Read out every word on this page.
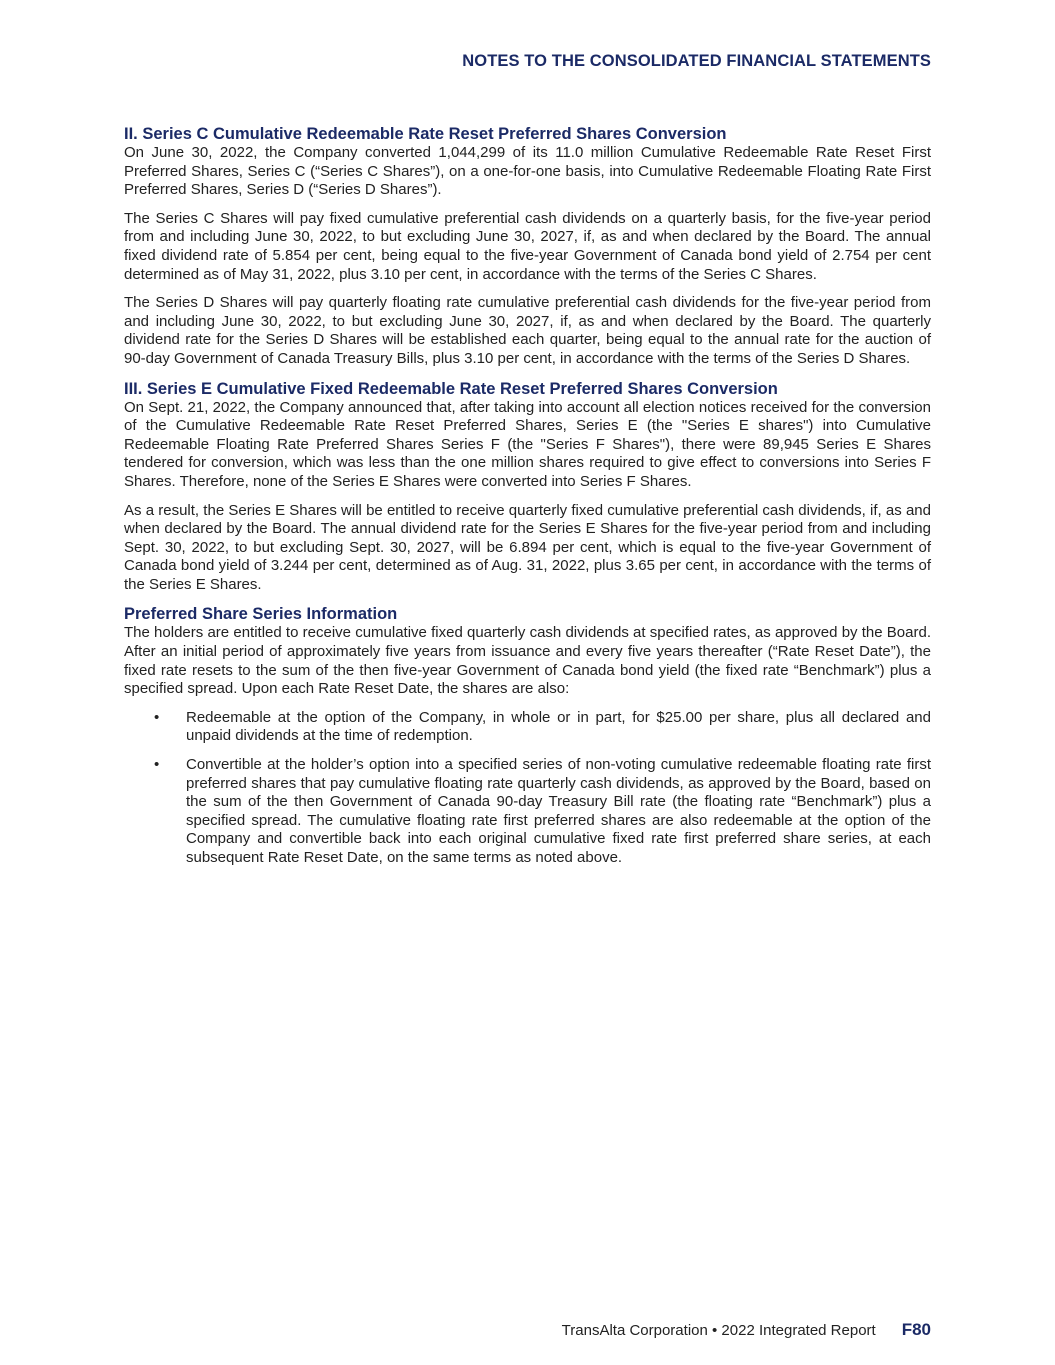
NOTES TO THE CONSOLIDATED FINANCIAL STATEMENTS
II. Series C Cumulative Redeemable Rate Reset Preferred Shares Conversion

On June 30, 2022, the Company converted 1,044,299 of its 11.0 million Cumulative Redeemable Rate Reset First Preferred Shares, Series C (“Series C Shares”), on a one-for-one basis, into Cumulative Redeemable Floating Rate First Preferred Shares, Series D (“Series D Shares”).

The Series C Shares will pay fixed cumulative preferential cash dividends on a quarterly basis, for the five-year period from and including June 30, 2022, to but excluding June 30, 2027, if, as and when declared by the Board. The annual fixed dividend rate of 5.854 per cent, being equal to the five-year Government of Canada bond yield of 2.754 per cent determined as of May 31, 2022, plus 3.10 per cent, in accordance with the terms of the Series C Shares.

The Series D Shares will pay quarterly floating rate cumulative preferential cash dividends for the five-year period from and including June 30, 2022, to but excluding June 30, 2027, if, as and when declared by the Board. The quarterly dividend rate for the Series D Shares will be established each quarter, being equal to the annual rate for the auction of 90-day Government of Canada Treasury Bills, plus 3.10 per cent, in accordance with the terms of the Series D Shares.

III. Series E Cumulative Fixed Redeemable Rate Reset Preferred Shares Conversion

On Sept. 21, 2022, the Company announced that, after taking into account all election notices received for the conversion of the Cumulative Redeemable Rate Reset Preferred Shares, Series E (the "Series E shares") into Cumulative Redeemable Floating Rate Preferred Shares Series F (the "Series F Shares"), there were 89,945 Series E Shares tendered for conversion, which was less than the one million shares required to give effect to conversions into Series F Shares. Therefore, none of the Series E Shares were converted into Series F Shares.

As a result, the Series E Shares will be entitled to receive quarterly fixed cumulative preferential cash dividends, if, as and when declared by the Board. The annual dividend rate for the Series E Shares for the five-year period from and including Sept. 30, 2022, to but excluding Sept. 30, 2027, will be 6.894 per cent, which is equal to the five-year Government of Canada bond yield of 3.244 per cent, determined as of Aug. 31, 2022, plus 3.65 per cent, in accordance with the terms of the Series E Shares.

Preferred Share Series Information

The holders are entitled to receive cumulative fixed quarterly cash dividends at specified rates, as approved by the Board. After an initial period of approximately five years from issuance and every five years thereafter (“Rate Reset Date”), the fixed rate resets to the sum of the then five-year Government of Canada bond yield (the fixed rate “Benchmark”) plus a specified spread. Upon each Rate Reset Date, the shares are also:

• Redeemable at the option of the Company, in whole or in part, for $25.00 per share, plus all declared and unpaid dividends at the time of redemption.
• Convertible at the holder’s option into a specified series of non-voting cumulative redeemable floating rate first preferred shares that pay cumulative floating rate quarterly cash dividends, as approved by the Board, based on the sum of the then Government of Canada 90-day Treasury Bill rate (the floating rate “Benchmark”) plus a specified spread. The cumulative floating rate first preferred shares are also redeemable at the option of the Company and convertible back into each original cumulative fixed rate first preferred share series, at each subsequent Rate Reset Date, on the same terms as noted above.
TransAlta Corporation • 2022 Integrated Report F80
